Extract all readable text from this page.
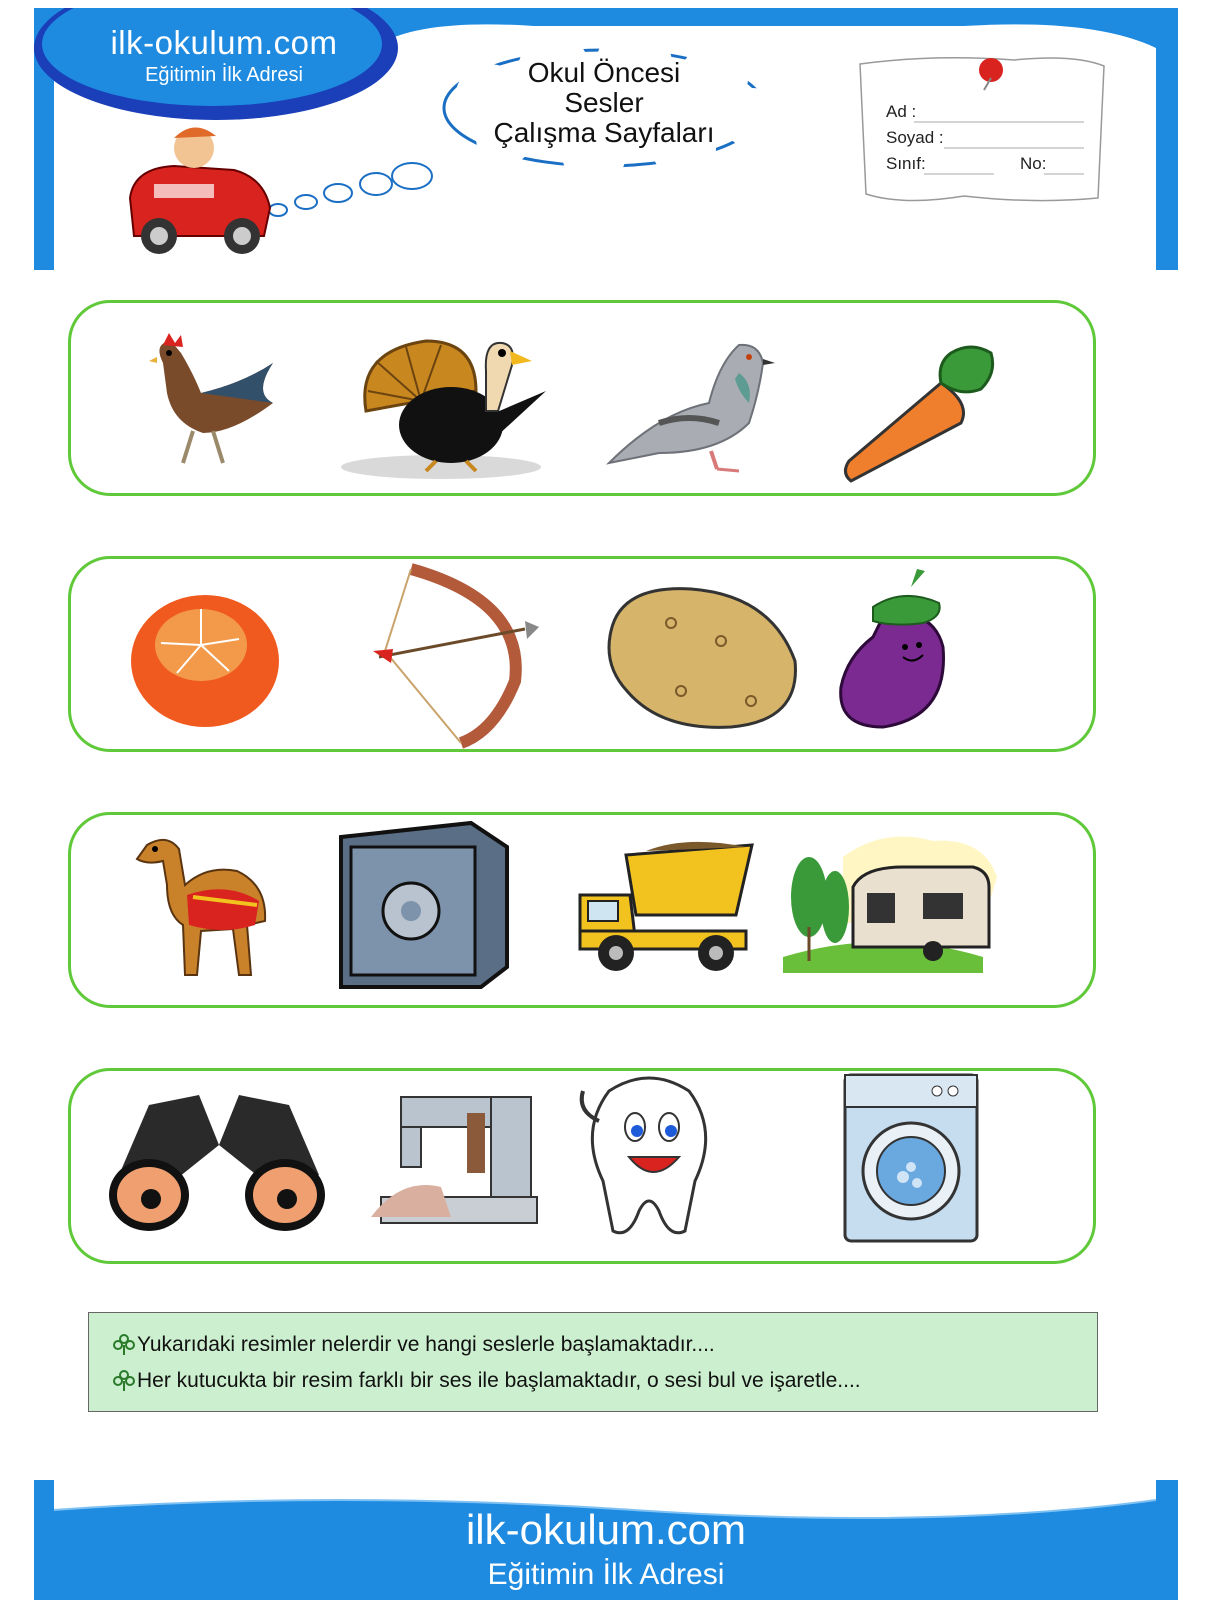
ilk-okulum.com
Eğitimin İlk Adresi	Okul Öncesi
Sesler
Çalışma Sayfaları
Ad :
Soyad :
Sınıf:	No:
Yukarıdaki resimler nelerdir ve hangi seslerle başlamaktadır....
Her kutucukta bir resim farklı bir ses ile başlamaktadır, o sesi bul ve işaretle....
ilk-okulum.com
Eğitimin İlk Adresi
